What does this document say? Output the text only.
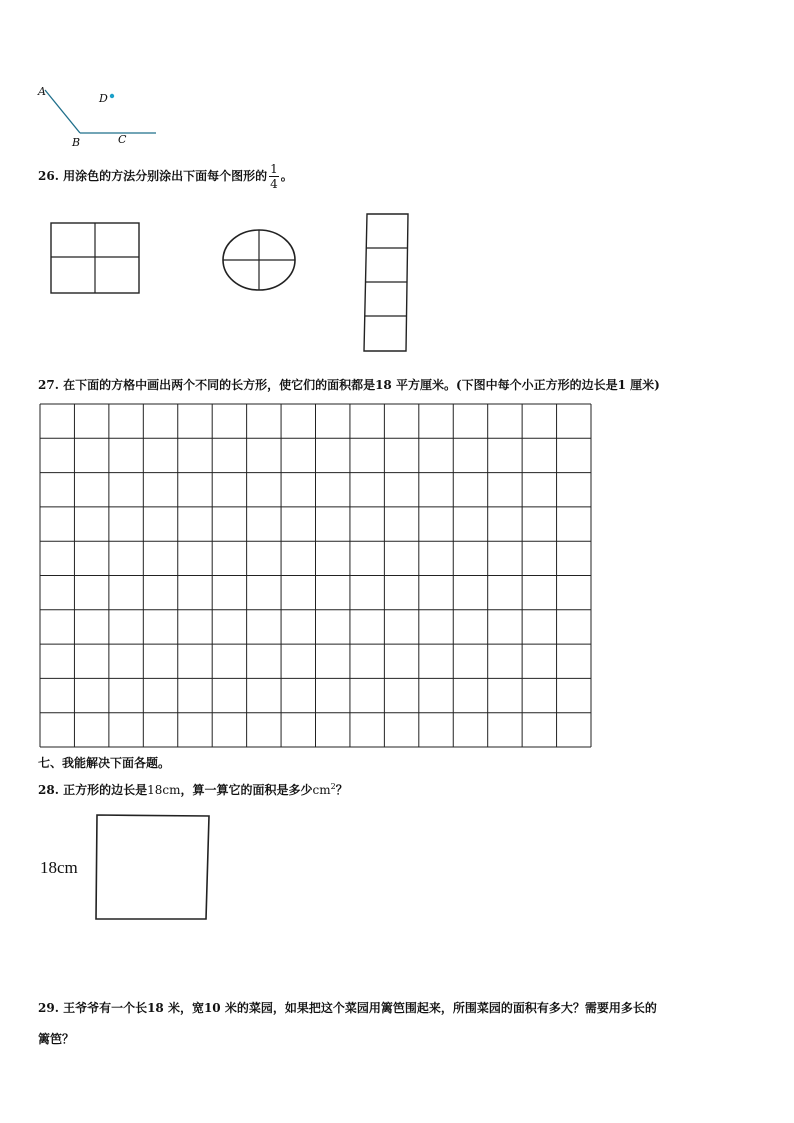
A
D
B	C
26. 用涂色的方法分别涂出下面每个图形的 $\frac{1}{4}$ 。
27. 在下面的方格中画出两个不同的长方形，使它们的面积都是18 平方厘米。(下图中每个小正方形的边长是1 厘米)
七、我能解决下面各题。
28. 正方形的边长是18cm，算一算它的面积是多少$cm^2$？
18cm
29. 王爷爷有一个长18 米，宽10 米的菜园，如果把这个菜园用篱笆围起来，所围菜园的面积有多大？需要用多长的
篱笆？
